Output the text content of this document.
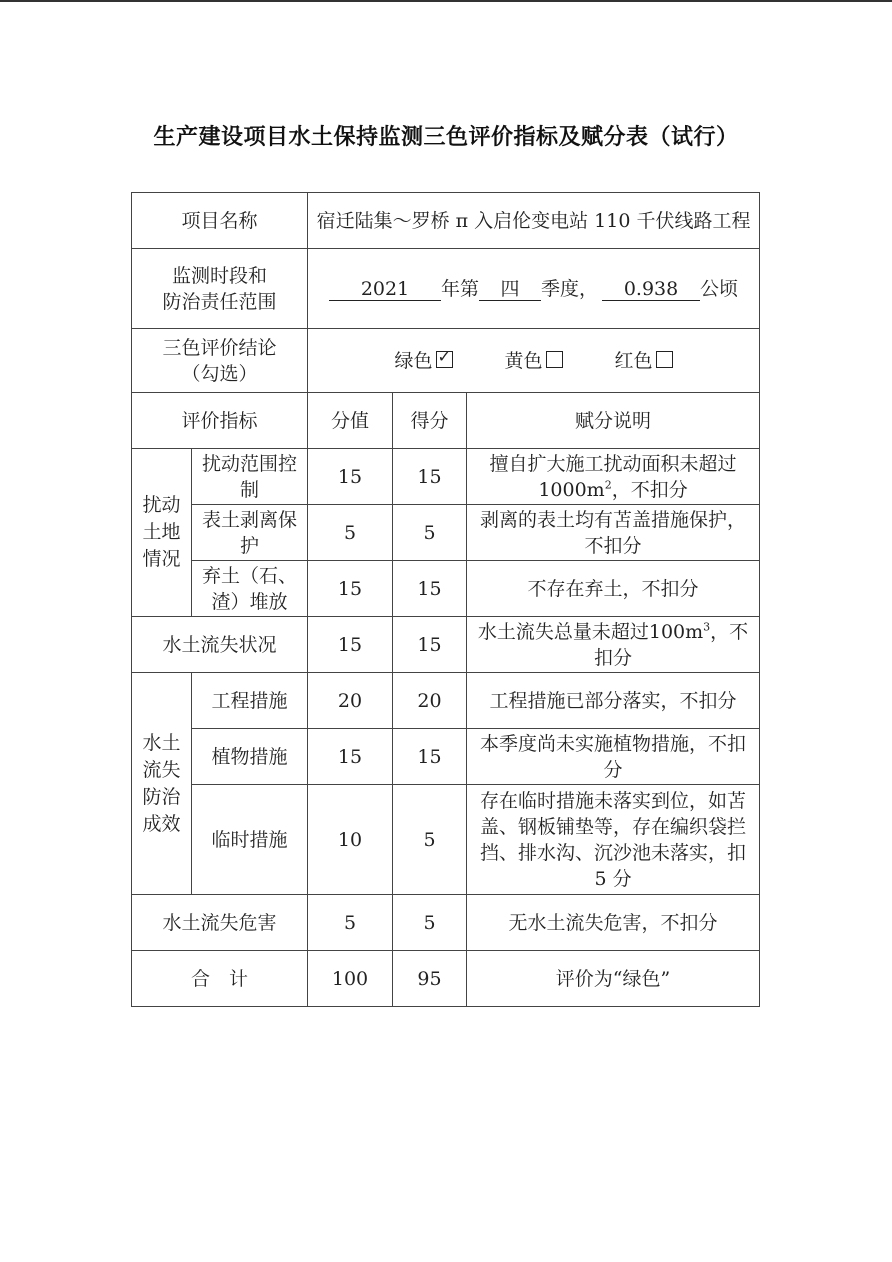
生产建设项目水土保持监测三色评价指标及赋分表（试行）
项目名称		宿迁陆集～罗桥 π 入启伦变电站 110 千伏线路工程		

监测时段和
防治责任范围		2021 年第 四 季度， 0.938 公顷		

三色评价结论
（勾选）		绿色 ✓ 黄色 红色
评价指标		分值	得分	赋分说明

扰动土地情况	扰动范围控制	15	15	擅自扩大施工扰动面积未超过$1000m^2$，不扣分
	表土剥离保护	5	5	剥离的表土均有苫盖措施保护，不扣分
	弃土（石、渣）堆放	15	15	不存在弃土，不扣分
水土流失状况		15	15	水土流失总量未超过$100m^3$，不扣分

水土流失防治成效	工程措施	20	20	工程措施已部分落实，不扣分
	植物措施	15	15	本季度尚未实施植物措施，不扣分
	临时措施	10	5	存在临时措施未落实到位，如苫盖、钢板铺垫等，存在编织袋拦挡、排水沟、沉沙池未落实，扣 5 分
水土流失危害		5	5	无水土流失危害，不扣分
合　计		100	95	评价为“绿色”
